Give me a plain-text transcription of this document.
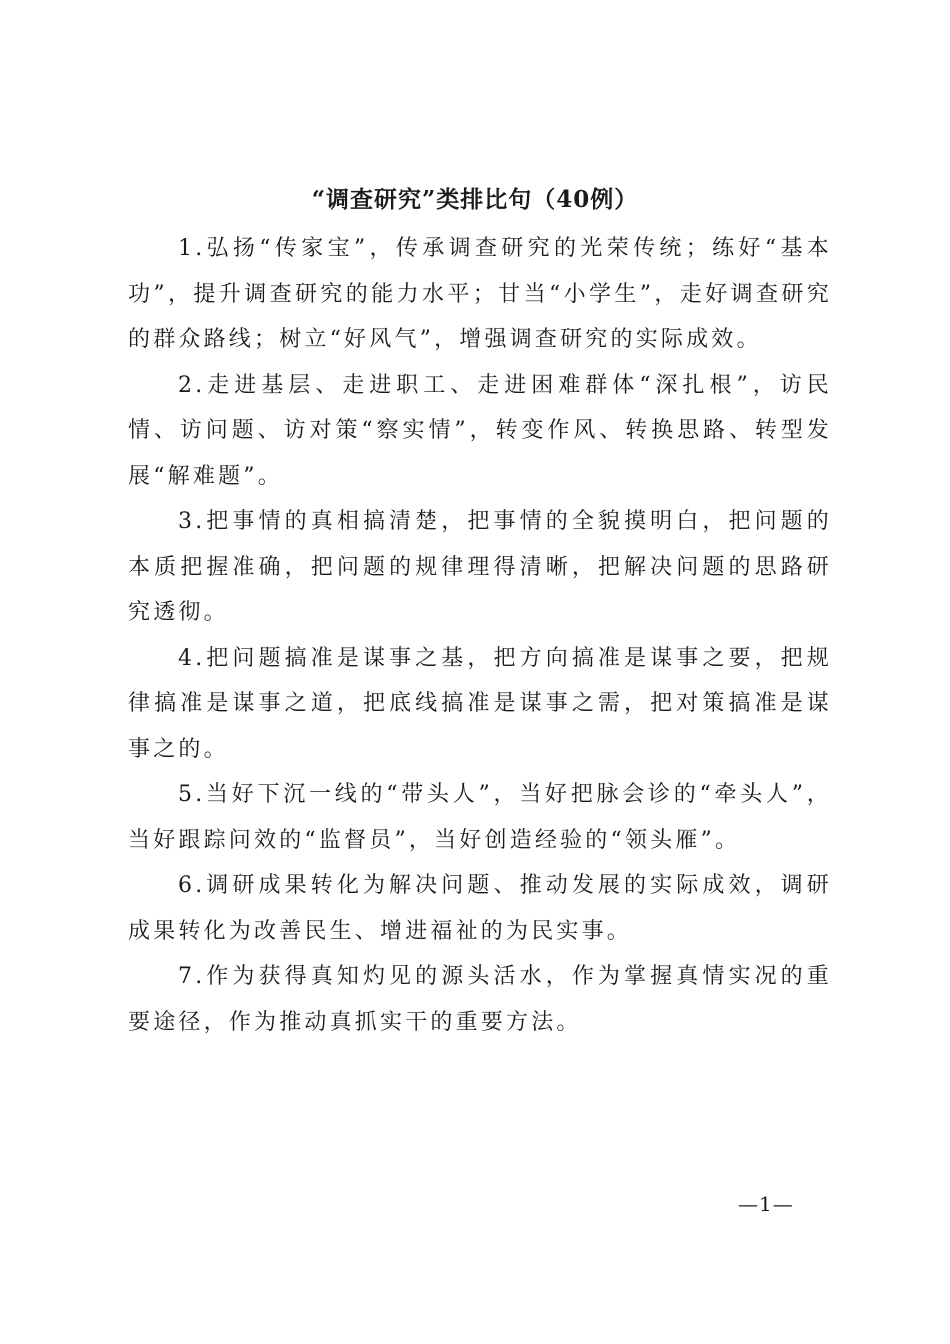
“调查研究”类排比句（40例）

1.弘扬“传家宝”，传承调查研究的光荣传统；练好“基本功”，提升调查研究的能力水平；甘当“小学生”，走好调查研究的群众路线；树立“好风气”，增强调查研究的实际成效。

2.走进基层、走进职工、走进困难群体“深扎根”，访民情、访问题、访对策“察实情”，转变作风、转换思路、转型发展“解难题”。

3.把事情的真相搞清楚，把事情的全貌摸明白，把问题的本质把握准确，把问题的规律理得清晰，把解决问题的思路研究透彻。

4.把问题搞准是谋事之基，把方向搞准是谋事之要，把规律搞准是谋事之道，把底线搞准是谋事之需，把对策搞准是谋事之的。

5.当好下沉一线的“带头人”，当好把脉会诊的“牵头人”，当好跟踪问效的“监督员”，当好创造经验的“领头雁”。

6.调研成果转化为解决问题、推动发展的实际成效，调研成果转化为改善民生、增进福祉的为民实事。

7.作为获得真知灼见的源头活水，作为掌握真情实况的重要途径，作为推动真抓实干的重要方法。

—1—
